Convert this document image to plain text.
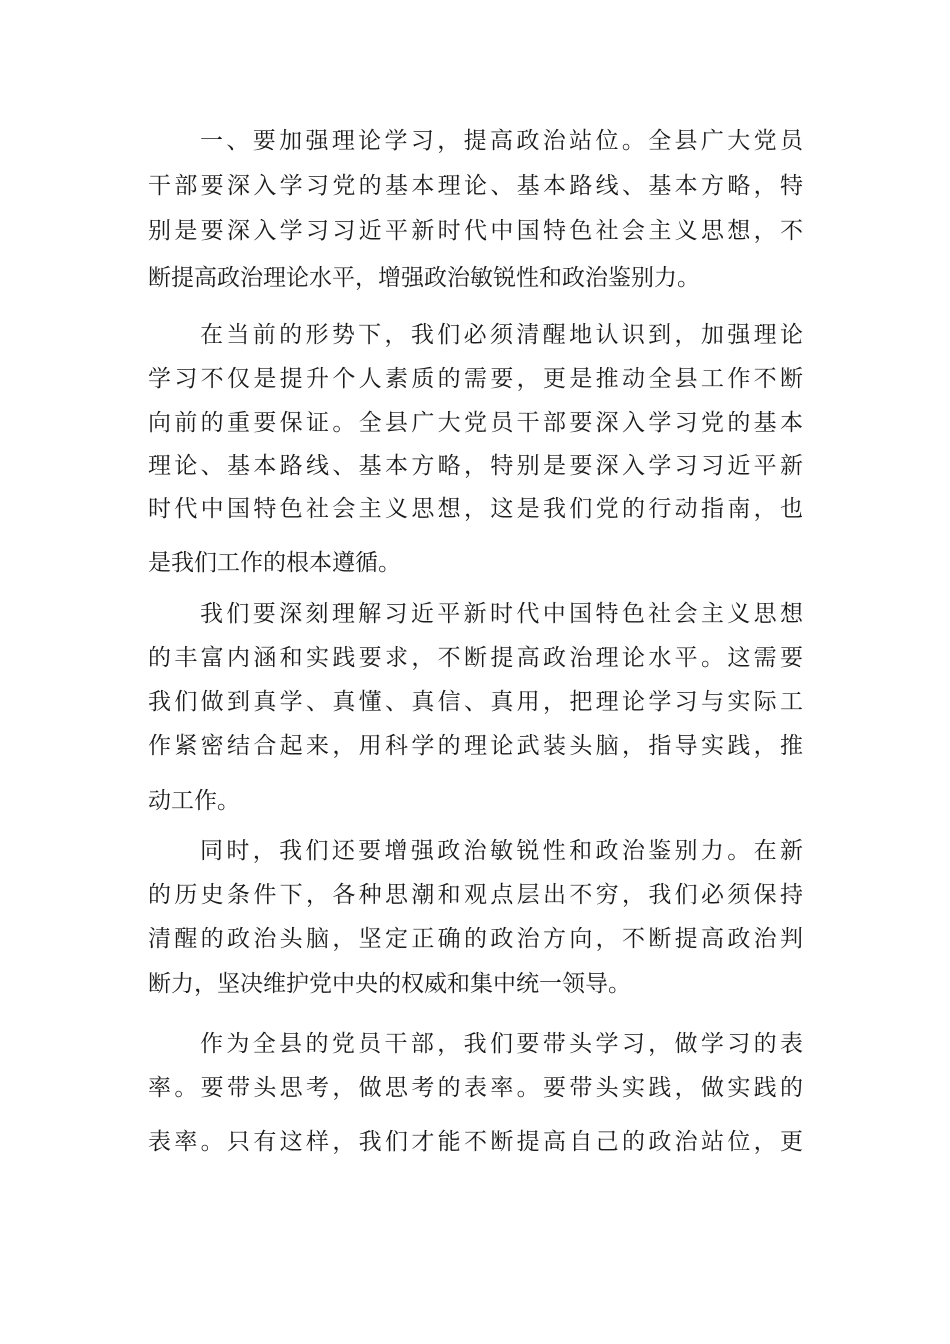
一、要加强理论学习，提高政治站位。全县广大党员
干部要深入学习党的基本理论、基本路线、基本方略，特
别是要深入学习习近平新时代中国特色社会主义思想，不
断提高政治理论水平，增强政治敏锐性和政治鉴别力。
在当前的形势下，我们必须清醒地认识到，加强理论
学习不仅是提升个人素质的需要，更是推动全县工作不断
向前的重要保证。全县广大党员干部要深入学习党的基本
理论、基本路线、基本方略，特别是要深入学习习近平新
时代中国特色社会主义思想，这是我们党的行动指南，也
是我们工作的根本遵循。
我们要深刻理解习近平新时代中国特色社会主义思想
的丰富内涵和实践要求，不断提高政治理论水平。这需要
我们做到真学、真懂、真信、真用，把理论学习与实际工
作紧密结合起来，用科学的理论武装头脑，指导实践，推
动工作。
同时，我们还要增强政治敏锐性和政治鉴别力。在新
的历史条件下，各种思潮和观点层出不穷，我们必须保持
清醒的政治头脑，坚定正确的政治方向，不断提高政治判
断力，坚决维护党中央的权威和集中统一领导。
作为全县的党员干部，我们要带头学习，做学习的表
率。要带头思考，做思考的表率。要带头实践，做实践的
表率。只有这样，我们才能不断提高自己的政治站位，更
